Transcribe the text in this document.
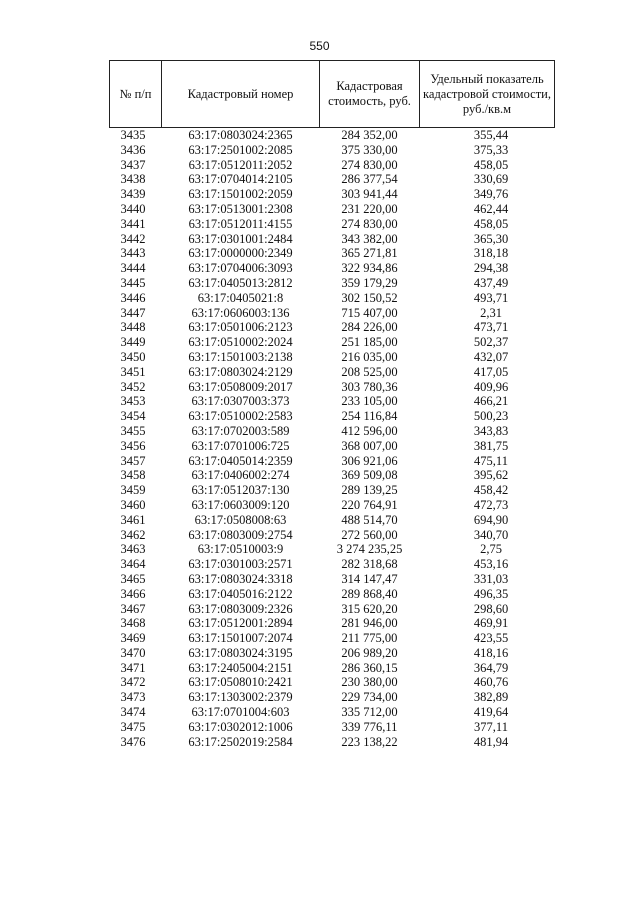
550
№ п/п	Кадастровый номер	Кадастровая стоимость, руб.	Удельный показатель кадастровой стоимости, руб./кв.м
3435	63:17:0803024:2365	284 352,00	355,44
3436	63:17:2501002:2085	375 330,00	375,33
3437	63:17:0512011:2052	274 830,00	458,05
3438	63:17:0704014:2105	286 377,54	330,69
3439	63:17:1501002:2059	303 941,44	349,76
3440	63:17:0513001:2308	231 220,00	462,44
3441	63:17:0512011:4155	274 830,00	458,05
3442	63:17:0301001:2484	343 382,00	365,30
3443	63:17:0000000:2349	365 271,81	318,18
3444	63:17:0704006:3093	322 934,86	294,38
3445	63:17:0405013:2812	359 179,29	437,49
3446	63:17:0405021:8	302 150,52	493,71
3447	63:17:0606003:136	715 407,00	2,31
3448	63:17:0501006:2123	284 226,00	473,71
3449	63:17:0510002:2024	251 185,00	502,37
3450	63:17:1501003:2138	216 035,00	432,07
3451	63:17:0803024:2129	208 525,00	417,05
3452	63:17:0508009:2017	303 780,36	409,96
3453	63:17:0307003:373	233 105,00	466,21
3454	63:17:0510002:2583	254 116,84	500,23
3455	63:17:0702003:589	412 596,00	343,83
3456	63:17:0701006:725	368 007,00	381,75
3457	63:17:0405014:2359	306 921,06	475,11
3458	63:17:0406002:274	369 509,08	395,62
3459	63:17:0512037:130	289 139,25	458,42
3460	63:17:0603009:120	220 764,91	472,73
3461	63:17:0508008:63	488 514,70	694,90
3462	63:17:0803009:2754	272 560,00	340,70
3463	63:17:0510003:9	3 274 235,25	2,75
3464	63:17:0301003:2571	282 318,68	453,16
3465	63:17:0803024:3318	314 147,47	331,03
3466	63:17:0405016:2122	289 868,40	496,35
3467	63:17:0803009:2326	315 620,20	298,60
3468	63:17:0512001:2894	281 946,00	469,91
3469	63:17:1501007:2074	211 775,00	423,55
3470	63:17:0803024:3195	206 989,20	418,16
3471	63:17:2405004:2151	286 360,15	364,79
3472	63:17:0508010:2421	230 380,00	460,76
3473	63:17:1303002:2379	229 734,00	382,89
3474	63:17:0701004:603	335 712,00	419,64
3475	63:17:0302012:1006	339 776,11	377,11
3476	63:17:2502019:2584	223 138,22	481,94
